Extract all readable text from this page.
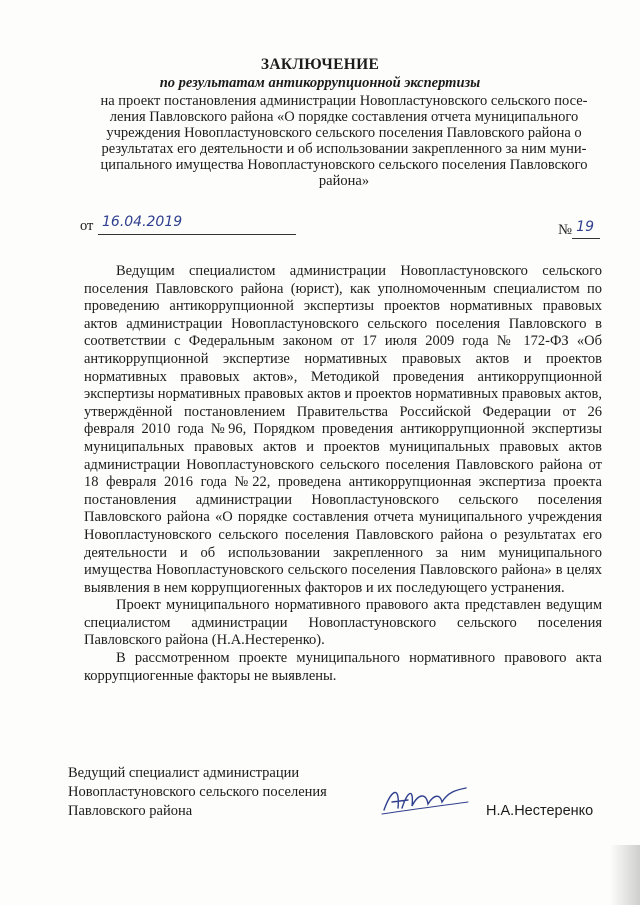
ЗАКЛЮЧЕНИЕ
по результатам антикоррупционной экспертизы
на проект постановления администрации Новопластуновского сельского посе-
ления Павловского района «О порядке составления отчета муниципального
учреждения Новопластуновского сельского поселения Павловского района о
результатах его деятельности и об использовании закрепленного за ним муни-
ципального имущества Новопластуновского сельского поселения Павловского
района»
от 16.04.2019	№ 19

Ведущим специалистом администрации Новопластуновского сельского поселения Павловского района (юрист), как уполномоченным специалистом по проведению антикоррупционной экспертизы проектов нормативных правовых актов администрации Новопластуновского сельского поселения Павловского в соответствии с Федеральным законом от 17 июля 2009 года № 172-ФЗ «Об антикоррупционной экспертизе нормативных правовых актов и проектов нормативных правовых актов», Методикой проведения антикоррупционной экспертизы нормативных правовых актов и проектов нормативных правовых актов, утверждённой постановлением Правительства Российской Федерации от 26 февраля 2010 года №96, Порядком проведения антикоррупционной экспертизы муниципальных правовых актов и проектов муниципальных правовых актов администрации Новопластуновского сельского поселения Павловского района от 18 февраля 2016 года №22, проведена антикоррупционная экспертиза проекта постановления администрации Новопластуновского сельского поселения Павловского района «О порядке составления отчета муниципального учреждения Новопластуновского сельского поселения Павловского района о результатах его деятельности и об использовании закрепленного за ним муниципального имущества Новопластуновского сельского поселения Павловского района» в целях выявления в нем коррупциогенных факторов и их последующего устранения.

Проект муниципального нормативного правового акта представлен ведущим специалистом администрации Новопластуновского сельского поселения Павловского района (Н.А.Нестеренко).

В рассмотренном проекте муниципального нормативного правового акта коррупциогенные факторы не выявлены.

Ведущий специалист администрации
Новопластуновского сельского поселения
Павловского района	Н.А.Нестеренко
